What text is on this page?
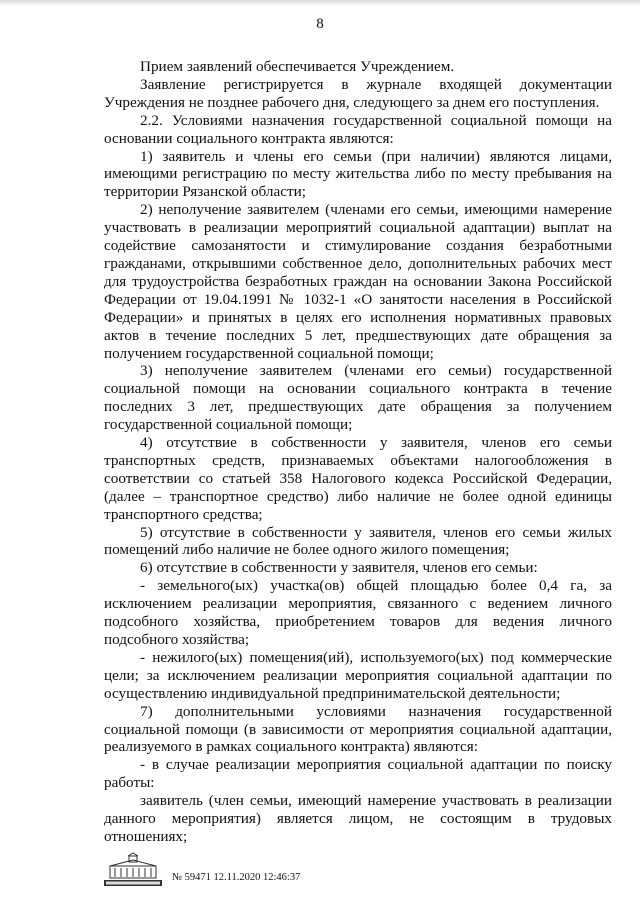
8

Прием заявлений обеспечивается Учреждением.

Заявление регистрируется в журнале входящей документации Учреждения не позднее рабочего дня, следующего за днем его поступления.

2.2. Условиями назначения государственной социальной помощи на основании социального контракта являются:

1) заявитель и члены его семьи (при наличии) являются лицами, имеющими регистрацию по месту жительства либо по месту пребывания на территории Рязанской области;

2) неполучение заявителем (членами его семьи, имеющими намерение участвовать в реализации мероприятий социальной адаптации) выплат на содействие самозанятости и стимулирование создания безработными гражданами, открывшими собственное дело, дополнительных рабочих мест для трудоустройства безработных граждан на основании Закона Российской Федерации от 19.04.1991 № 1032-1 «О занятости населения в Российской Федерации» и принятых в целях его исполнения нормативных правовых актов в течение последних 5 лет, предшествующих дате обращения за получением государственной социальной помощи;

3) неполучение заявителем (членами его семьи) государственной социальной помощи на основании социального контракта в течение последних 3 лет, предшествующих дате обращения за получением государственной социальной помощи;

4) отсутствие в собственности у заявителя, членов его семьи транспортных средств, признаваемых объектами налогообложения в соответствии со статьей 358 Налогового кодекса Российской Федерации, (далее – транспортное средство) либо наличие не более одной единицы транспортного средства;

5) отсутствие в собственности у заявителя, членов его семьи жилых помещений либо наличие не более одного жилого помещения;

6) отсутствие в собственности у заявителя, членов его семьи:

- земельного(ых) участка(ов) общей площадью более 0,4 га, за исключением реализации мероприятия, связанного с ведением личного подсобного хозяйства, приобретением товаров для ведения личного подсобного хозяйства;

- нежилого(ых) помещения(ий), используемого(ых) под коммерческие цели; за исключением реализации мероприятия социальной адаптации по осуществлению индивидуальной предпринимательской деятельности;

7) дополнительными условиями назначения государственной социальной помощи (в зависимости от мероприятия социальной адаптации, реализуемого в рамках социального контракта) являются:

- в случае реализации мероприятия социальной адаптации по поиску работы:

заявитель (член семьи, имеющий намерение участвовать в реализации данного мероприятия) является лицом, не состоящим в трудовых отношениях;

№ 59471 12.11.2020 12:46:37
